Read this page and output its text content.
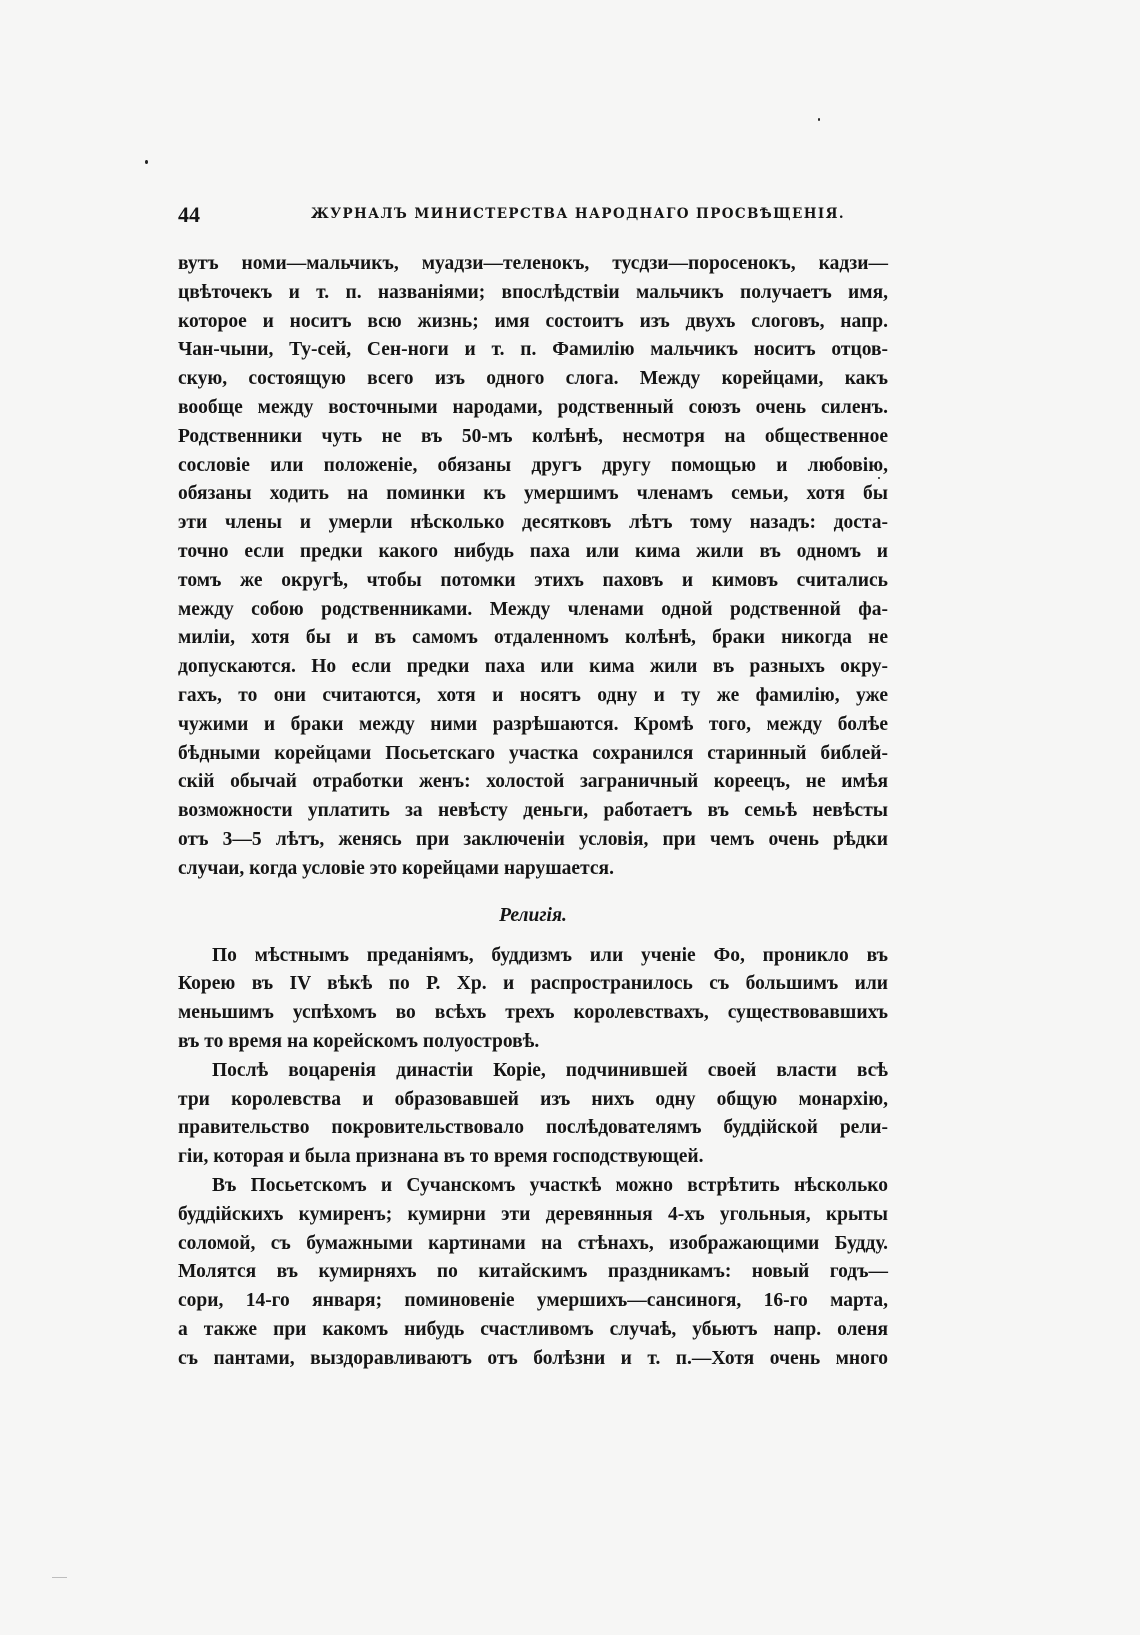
44	ЖУРНАЛЪ МИНИСТЕРСТВА НАРОДНАГО ПРОСВѢЩЕНІЯ.
вутъ номи—мальчикъ, муадзи—теленокъ, тусдзи—поросенокъ, кадзи—
цвѣточекъ и т. п. названіями; впослѣдствіи мальчикъ получаетъ имя,
которое и носитъ всю жизнь; имя состоитъ изъ двухъ слоговъ, напр.
Чан-чыни, Ту-сей, Сен-ноги и т. п. Фамилію мальчикъ носитъ отцов-
скую, состоящую всего изъ одного слога. Между корейцами, какъ
вообще между восточными народами, родственный союзъ очень силенъ.
Родственники чуть не въ 50-мъ колѣнѣ, несмотря на общественное
сословіе или положеніе, обязаны другъ другу помощью и любовію,
обязаны ходить на поминки къ умершимъ членамъ семьи, хотя бы
эти члены и умерли нѣсколько десятковъ лѣтъ тому назадъ: доста-
точно если предки какого нибудь паха или кима жили въ одномъ и
томъ же округѣ, чтобы потомки этихъ паховъ и кимовъ считались
между собою родственниками. Между членами одной родственной фа-
миліи, хотя бы и въ самомъ отдаленномъ колѣнѣ, браки никогда не
допускаются. Но если предки паха или кима жили въ разныхъ окру-
гахъ, то они считаются, хотя и носятъ одну и ту же фамилію, уже
чужими и браки между ними разрѣшаются. Кромѣ того, между болѣе
бѣдными корейцами Посьетскаго участка сохранился старинный библей-
скій обычай отработки женъ: холостой заграничный кореецъ, не имѣя
возможности уплатить за невѣсту деньги, работаетъ въ семьѣ невѣсты
отъ 3—5 лѣтъ, женясь при заключеніи условія, при чемъ очень рѣдки
случаи, когда условіе это корейцами нарушается.
Религія.
По мѣстнымъ преданіямъ, буддизмъ или ученіе Фо, проникло въ
Корею въ IV вѣкѣ по Р. Хр. и распространилось съ большимъ или
меньшимъ успѣхомъ во всѣхъ трехъ королевствахъ, существовавшихъ
въ то время на корейскомъ полуостровѣ.
Послѣ воцаренія династіи Коріе, подчинившей своей власти всѣ
три королевства и образовавшей изъ нихъ одну общую монархію,
правительство покровительствовало послѣдователямъ буддійской рели-
гіи, которая и была признана въ то время господствующей.
Въ Посьетскомъ и Сучанскомъ участкѣ можно встрѣтить нѣсколько
буддійскихъ кумиренъ; кумирни эти деревянныя 4-хъ угольныя, крыты
соломой, съ бумажными картинами на стѣнахъ, изображающими Будду.
Молятся въ кумирняхъ по китайскимъ праздникамъ: новый годъ—
сори, 14-го января; поминовеніе умершихъ—сансиногя, 16-го марта,
а также при какомъ нибудь счастливомъ случаѣ, убьютъ напр. оленя
съ пантами, выздоравливаютъ отъ болѣзни и т. п.—Хотя очень много
